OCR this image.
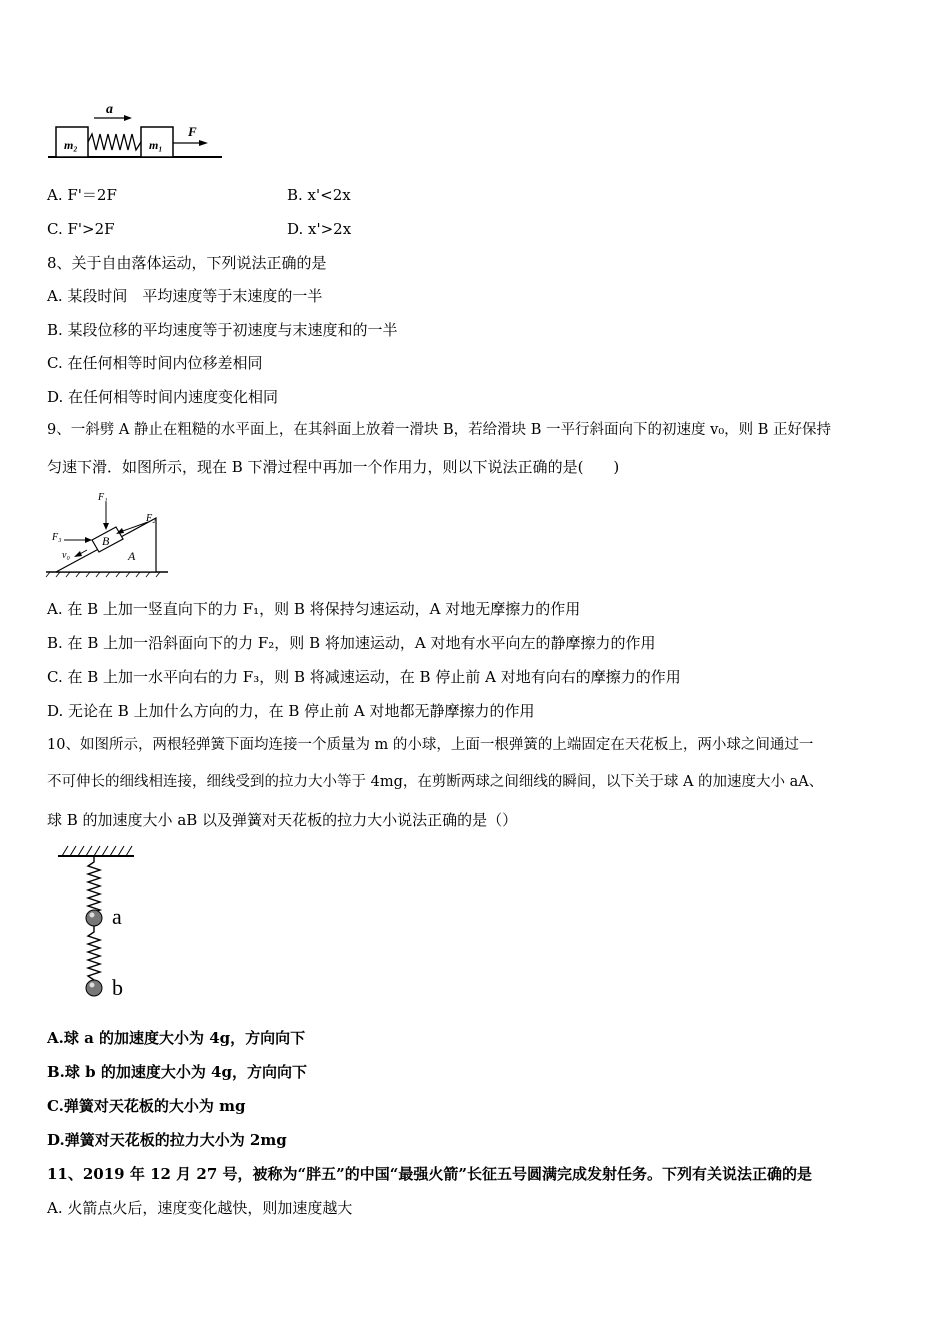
a
F
m₂	m₁
A. F'＝2F	B. x'<2x
C. F'>2F	D. x'>2x
8、关于自由落体运动，下列说法正确的是
A. 某段时间　平均速度等于末速度的一半
B. 某段位移的平均速度等于初速度与末速度和的一半
C. 在任何相等时间内位移差相同
D. 在任何相等时间内速度变化相同
9、一斜劈 A 静止在粗糙的水平面上，在其斜面上放着一滑块 B，若给滑块 B 一平行斜面向下的初速度 v₀，则 B 正好保持
匀速下滑．如图所示，现在 B 下滑过程中再加一个作用力，则以下说法正确的是(　　)
B
A
F₁
F₂
F₃
v₀
A. 在 B 上加一竖直向下的力 F₁，则 B 将保持匀速运动，A 对地无摩擦力的作用
B. 在 B 上加一沿斜面向下的力 F₂，则 B 将加速运动，A 对地有水平向左的静摩擦力的作用
C. 在 B 上加一水平向右的力 F₃，则 B 将减速运动，在 B 停止前 A 对地有向右的摩擦力的作用
D. 无论在 B 上加什么方向的力，在 B 停止前 A 对地都无静摩擦力的作用
10、如图所示，两根轻弹簧下面均连接一个质量为 m 的小球，上面一根弹簧的上端固定在天花板上，两小球之间通过一
不可伸长的细线相连接，细线受到的拉力大小等于 4mg，在剪断两球之间细线的瞬间，以下关于球 A 的加速度大小 aA、
球 B 的加速度大小 aB 以及弹簧对天花板的拉力大小说法正确的是（）
a
b
A.球 a 的加速度大小为 4g，方向向下
B.球 b 的加速度大小为 4g，方向向下
C.弹簧对天花板的大小为 mg
D.弹簧对天花板的拉力大小为 2mg
11、2019 年 12 月 27 号，被称为“胖五”的中国“最强火箭”长征五号圆满完成发射任务。下列有关说法正确的是
A. 火箭点火后，速度变化越快，则加速度越大
